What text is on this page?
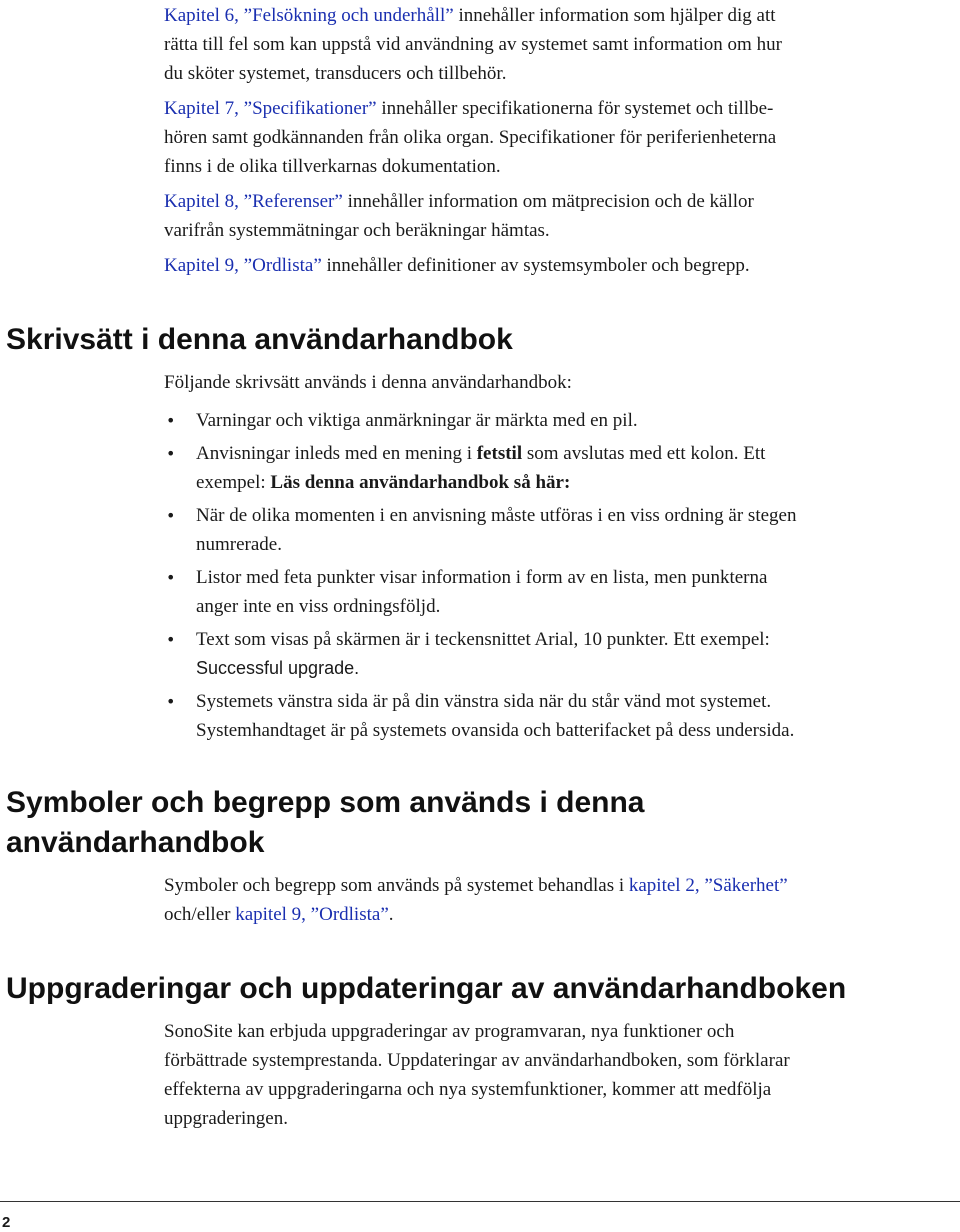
Kapitel 6, ”Felsökning och underhåll” innehåller information som hjälper dig att
rätta till fel som kan uppstå vid användning av systemet samt information om hur
du sköter systemet, transducers och tillbehör.

Kapitel 7, ”Specifikationer” innehåller specifikationerna för systemet och tillbe-
hören samt godkännanden från olika organ. Specifikationer för periferienheterna
finns i de olika tillverkarnas dokumentation.

Kapitel 8, ”Referenser” innehåller information om mätprecision och de källor
varifrån systemmätningar och beräkningar hämtas.

Kapitel 9, ”Ordlista” innehåller definitioner av systemsymboler och begrepp.

Skrivsätt i denna användarhandbok

Följande skrivsätt används i denna användarhandbok:

• Varningar och viktiga anmärkningar är märkta med en pil.
• Anvisningar inleds med en mening i fetstil som avslutas med ett kolon. Ett
exempel: Läs denna användarhandbok så här:
• När de olika momenten i en anvisning måste utföras i en viss ordning är stegen
numrerade.
• Listor med feta punkter visar information i form av en lista, men punkterna
anger inte en viss ordningsföljd.
• Text som visas på skärmen är i teckensnittet Arial, 10 punkter. Ett exempel:
Successful upgrade.
• Systemets vänstra sida är på din vänstra sida när du står vänd mot systemet.
Systemhandtaget är på systemets ovansida och batterifacket på dess undersida.
Symboler och begrepp som används i denna
användarhandbok

Symboler och begrepp som används på systemet behandlas i kapitel 2, ”Säkerhet”
och/eller kapitel 9, ”Ordlista”.

Uppgraderingar och uppdateringar av användarhandboken

SonoSite kan erbjuda uppgraderingar av programvaran, nya funktioner och
förbättrade systemprestanda. Uppdateringar av användarhandboken, som förklarar
effekterna av uppgraderingarna och nya systemfunktioner, kommer att medfölja
uppgraderingen.

2
